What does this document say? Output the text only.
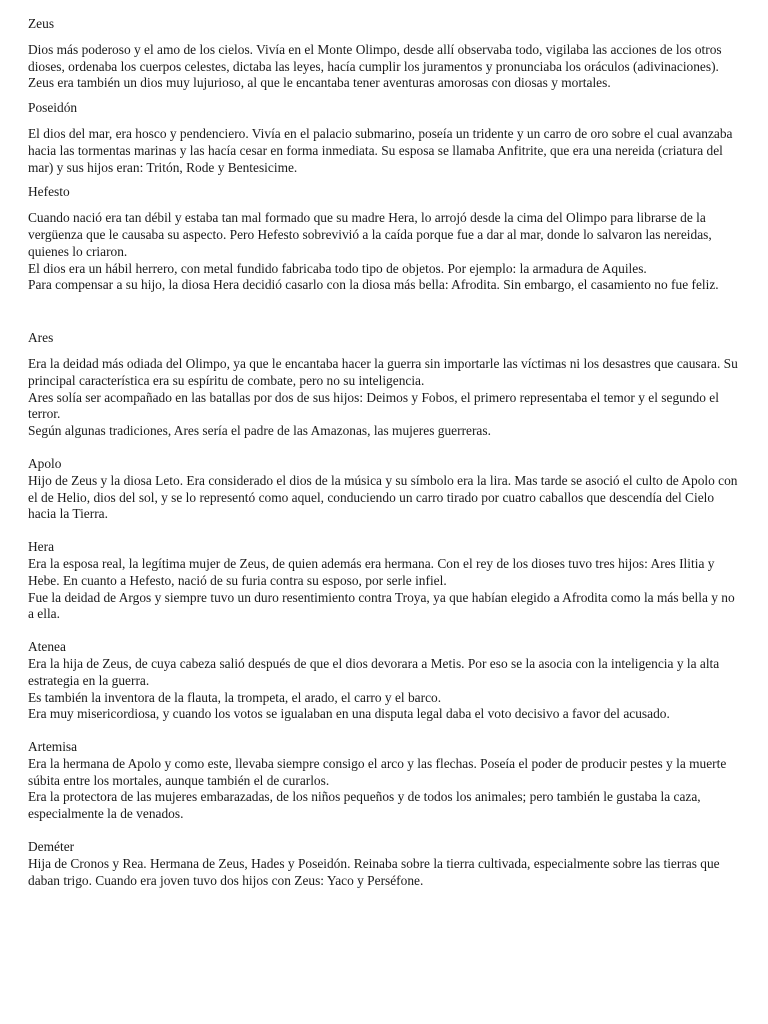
Zeus

Dios más poderoso y el amo de los cielos. Vivía en el Monte Olimpo, desde allí observaba todo, vigilaba las acciones de los otros dioses, ordenaba los cuerpos celestes, dictaba las leyes, hacía cumplir los juramentos y pronunciaba los oráculos (adivinaciones). Zeus era también un dios muy lujurioso, al que le encantaba tener aventuras amorosas con diosas y mortales.

Poseidón

El dios del mar, era hosco y pendenciero. Vivía en el palacio submarino, poseía un tridente y un carro de oro sobre el cual avanzaba hacia las tormentas marinas y las hacía cesar en forma inmediata. Su esposa se llamaba Anfitrite, que era una nereida (criatura del mar) y sus hijos eran: Tritón, Rode y Bentesicime.

Hefesto

Cuando nació era tan débil y estaba tan mal formado que su madre Hera, lo arrojó desde la cima del Olimpo para librarse de la vergüenza que le causaba su aspecto. Pero Hefesto sobrevivió a la caída porque fue a dar al mar, donde lo salvaron las nereidas, quienes lo criaron.

El dios era un hábil herrero, con metal fundido fabricaba todo tipo de objetos. Por ejemplo: la armadura de Aquiles.

Para compensar a su hijo, la diosa Hera decidió casarlo con la diosa más bella: Afrodita. Sin embargo, el casamiento no fue feliz.

Ares

Era la deidad más odiada del Olimpo, ya que le encantaba hacer la guerra sin importarle las víctimas ni los desastres que causara. Su principal característica era su espíritu de combate, pero no su inteligencia.

Ares solía ser acompañado en las batallas por dos de sus hijos: Deimos y Fobos, el primero representaba el temor y el segundo el terror.

Según algunas tradiciones, Ares sería el padre de las Amazonas, las mujeres guerreras.

Apolo

Hijo de Zeus y la diosa Leto. Era considerado el dios de la música y su símbolo era la lira. Mas tarde se asoció el culto de Apolo con el de Helio, dios del sol, y se lo representó como aquel, conduciendo un carro tirado por cuatro caballos que descendía del Cielo hacia la Tierra.

Hera

Era la esposa real, la legítima mujer de Zeus, de quien además era hermana. Con el rey de los dioses tuvo tres hijos: Ares Ilitia y Hebe. En cuanto a Hefesto, nació de su furia contra su esposo, por serle infiel.

Fue la deidad de Argos y siempre tuvo un duro resentimiento contra Troya, ya que habían elegido a Afrodita como la más bella y no a ella.

Atenea

Era la hija de Zeus, de cuya cabeza salió después de que el dios devorara a Metis. Por eso se la asocia con la inteligencia y la alta estrategia en la guerra.

Es también la inventora de la flauta, la trompeta, el arado, el carro y el barco.

Era muy misericordiosa, y cuando los votos se igualaban en una disputa legal daba el voto decisivo a favor del acusado.

Artemisa

Era la hermana de Apolo y como este, llevaba siempre consigo el arco y las flechas. Poseía el poder de producir pestes y la muerte súbita entre los mortales, aunque también el de curarlos.

Era la protectora de las mujeres embarazadas, de los niños pequeños y de todos los animales; pero también le gustaba la caza, especialmente la de venados.

Deméter

Hija de Cronos y Rea. Hermana de Zeus, Hades y Poseidón. Reinaba sobre la tierra cultivada, especialmente sobre las tierras que daban trigo. Cuando era joven tuvo dos hijos con Zeus: Yaco y Perséfone.
